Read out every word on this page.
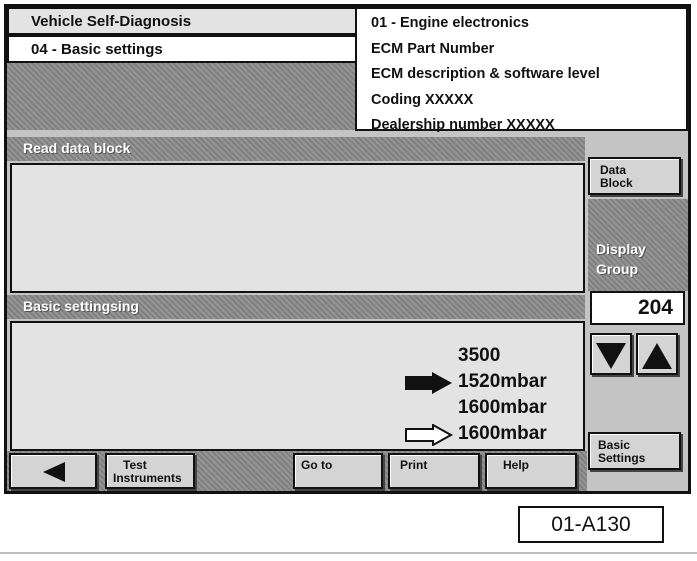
Vehicle Self-Diagnosis
04 - Basic settings
01 - Engine electronics
ECM Part Number
ECM description & software level
Coding XXXXX
Dealership number XXXXX
Read data block
Data
Block
Display
Group
204
Basic settingsing
3500
1520mbar
1600mbar
1600mbar
Basic
Settings
Test
Instruments
Go to	Print	Help
01-A130
